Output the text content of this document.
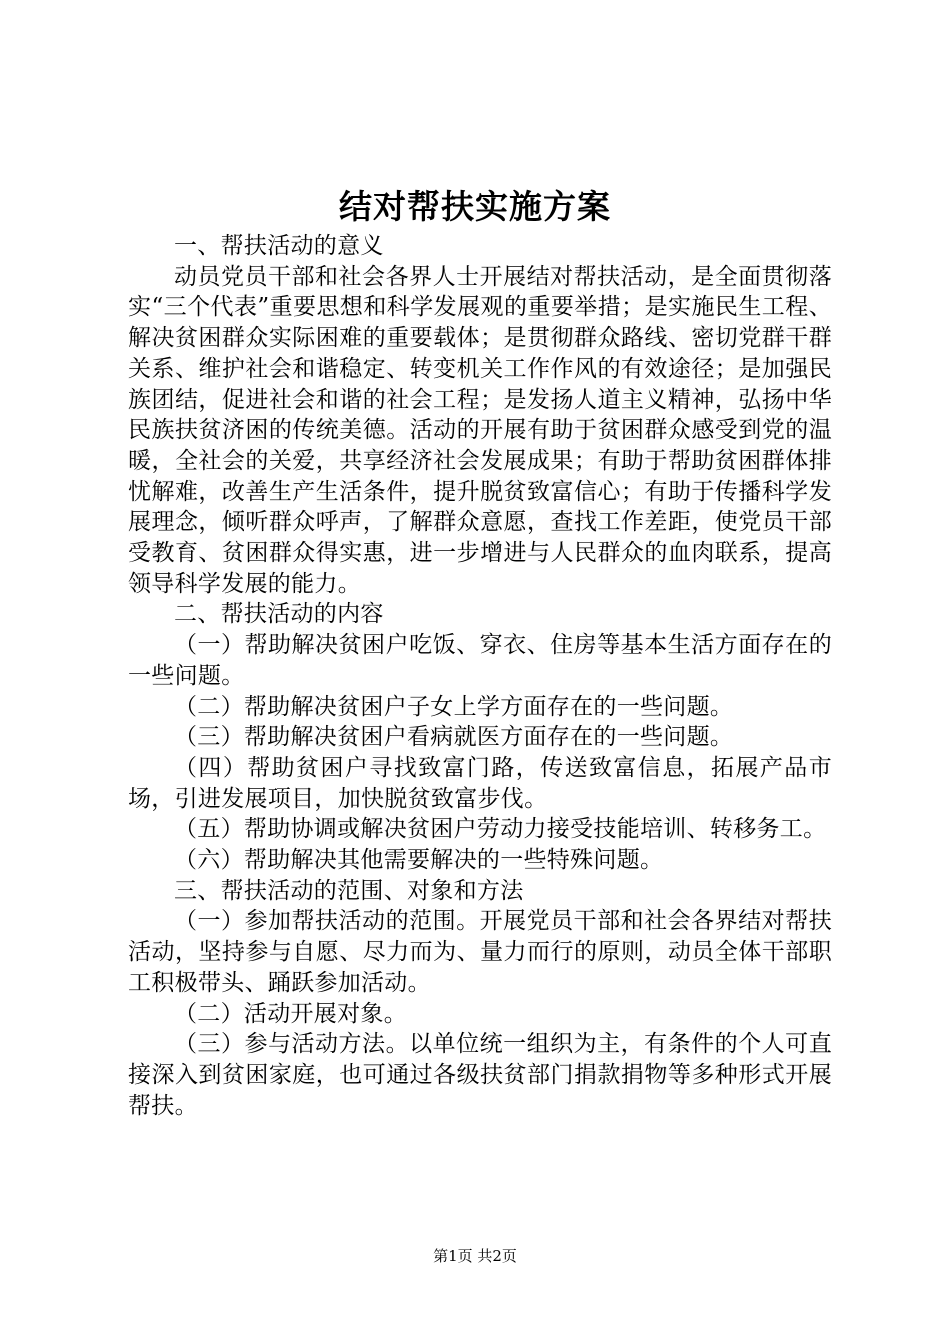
结对帮扶实施方案

一、帮扶活动的意义

动员党员干部和社会各界人士开展结对帮扶活动，是全面贯彻落实“三个代表”重要思想和科学发展观的重要举措；是实施民生工程、解决贫困群众实际困难的重要载体；是贯彻群众路线、密切党群干群关系、维护社会和谐稳定、转变机关工作作风的有效途径；是加强民族团结，促进社会和谐的社会工程；是发扬人道主义精神，弘扬中华民族扶贫济困的传统美德。活动的开展有助于贫困群众感受到党的温暖，全社会的关爱，共享经济社会发展成果；有助于帮助贫困群体排忧解难，改善生产生活条件，提升脱贫致富信心；有助于传播科学发展理念，倾听群众呼声，了解群众意愿，查找工作差距，使党员干部受教育、贫困群众得实惠，进一步增进与人民群众的血肉联系，提高领导科学发展的能力。

二、帮扶活动的内容

（一）帮助解决贫困户吃饭、穿衣、住房等基本生活方面存在的一些问题。

（二）帮助解决贫困户子女上学方面存在的一些问题。

（三）帮助解决贫困户看病就医方面存在的一些问题。

（四）帮助贫困户寻找致富门路，传送致富信息，拓展产品市场，引进发展项目，加快脱贫致富步伐。

（五）帮助协调或解决贫困户劳动力接受技能培训、转移务工。

（六）帮助解决其他需要解决的一些特殊问题。

三、帮扶活动的范围、对象和方法

（一）参加帮扶活动的范围。开展党员干部和社会各界结对帮扶活动，坚持参与自愿、尽力而为、量力而行的原则，动员全体干部职工积极带头、踊跃参加活动。

（二）活动开展对象。

（三）参与活动方法。以单位统一组织为主，有条件的个人可直接深入到贫困家庭，也可通过各级扶贫部门捐款捐物等多种形式开展帮扶。

第1页 共2页
